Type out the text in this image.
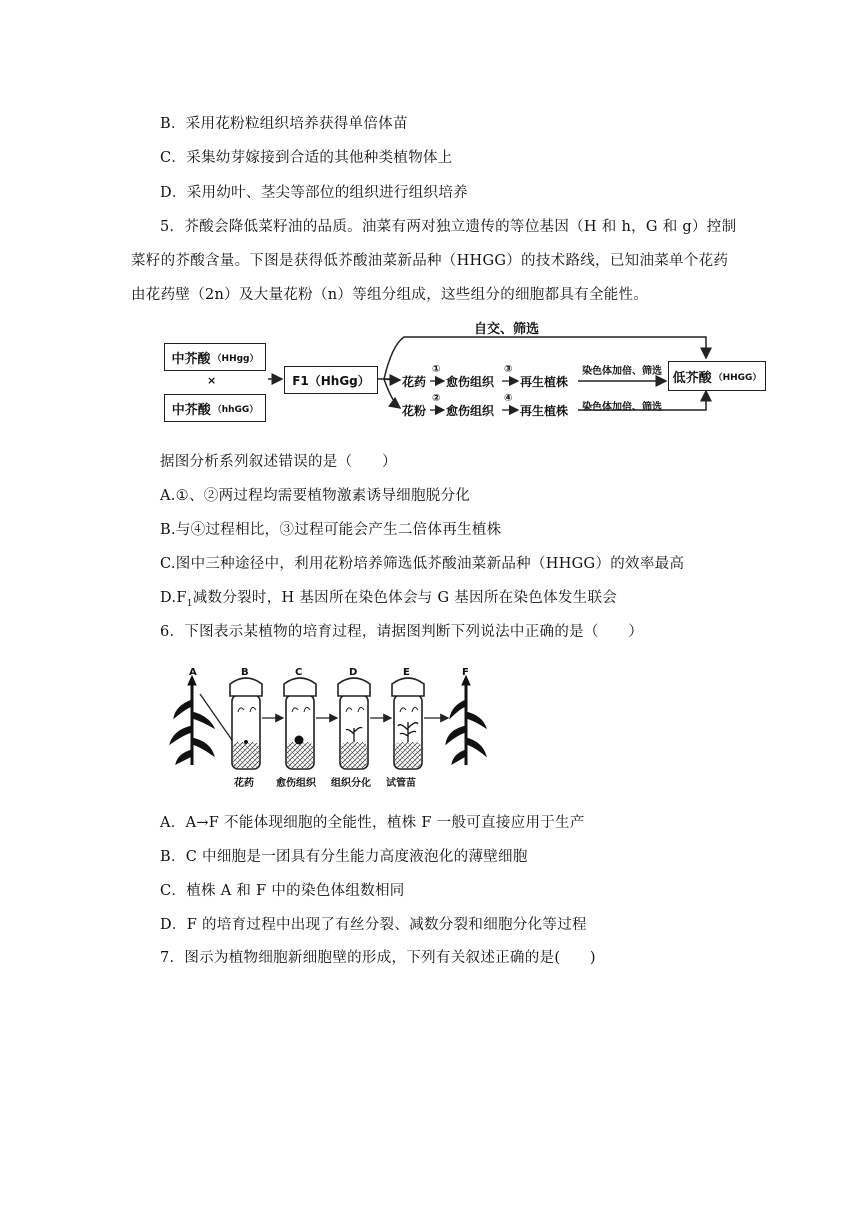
B．采用花粉粒组织培养获得单倍体苗
C．采集幼芽嫁接到合适的其他种类植物体上
D．采用幼叶、茎尖等部位的组织进行组织培养
5．芥酸会降低菜籽油的品质。油菜有两对独立遗传的等位基因（H 和 h，G 和 g）控制
菜籽的芥酸含量。下图是获得低芥酸油菜新品种（HHGG）的技术路线，已知油菜单个花药
由花药壁（2n）及大量花粉（n）等组分组成，这些组分的细胞都具有全能性。
中芥酸 （HHgg）
×
中芥酸 （hhGG）
F1（HhGg）
自交、筛选
花药
①
愈伤组织
③
再生植株
染色体加倍、筛选
花粉
②
愈伤组织
④
再生植株 染色体加倍、筛选
低芥酸 （HHGG）
据图分析系列叙述错误的是（　　）
A.①、②两过程均需要植物激素诱导细胞脱分化
B.与④过程相比，③过程可能会产生二倍体再生植株
C.图中三种途径中，利用花粉培养筛选低芥酸油菜新品种（HHGG）的效率最高
$D.F_1$减数分裂时，H 基因所在染色体会与 G 基因所在染色体发生联会
6．下图表示某植物的培育过程，请据图判断下列说法中正确的是（　　）
A	B	C	D	E	F
花药 愈伤组织 组织分化 试管苗
A．A→F 不能体现细胞的全能性，植株 F 一般可直接应用于生产
B．C 中细胞是一团具有分生能力高度液泡化的薄壁细胞
C．植株 A 和 F 中的染色体组数相同
D．F 的培育过程中出现了有丝分裂、减数分裂和细胞分化等过程
7．图示为植物细胞新细胞壁的形成，下列有关叙述正确的是(　　)
